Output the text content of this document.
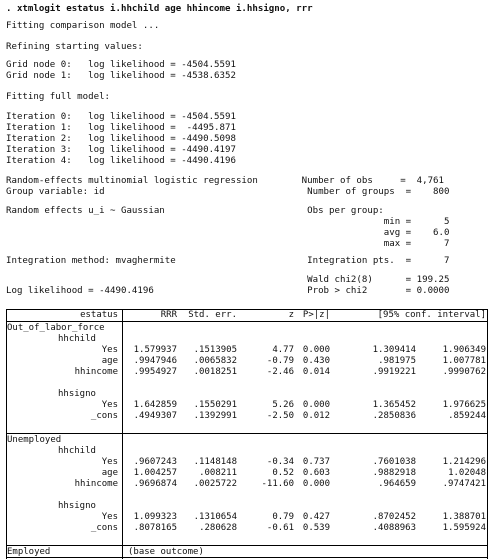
. xtmlogit estatus i.hhchild age hhincome i.hhsigno, rrr
Fitting comparison model ...
Refining starting values:
Grid node 0:   log likelihood = -4504.5591
Grid node 1:   log likelihood = -4538.6352
Fitting full model:
Iteration 0:   log likelihood = -4504.5591
Iteration 1:   log likelihood =  -4495.871
Iteration 2:   log likelihood = -4490.5098
Iteration 3:   log likelihood = -4490.4197
Iteration 4:   log likelihood = -4490.4196
Random-effects multinomial logistic regression        Number of obs     =  4,761
Group variable: id                                     Number of groups  =    800
Random effects u_i ~ Gaussian                          Obs per group:
min =      5
avg =    6.0
max =      7
Integration method: mvaghermite                        Integration pts.  =      7
Wald chi2(8)      = 199.25
Log likelihood = -4490.4196                            Prob > chi2       = 0.0000
estatus	RRR Std. err.	z P>|z|	[95% conf. interval]
Out_of_labor_force
hhchild
Yes 1.579937 .1513905	4.77 0.000	1.309414	1.906349
age .9947946 .0065832	-0.79 0.430	.981975	1.007781
hhincome .9954927 .0018251	-2.46 0.014	.9919221	.9990762
hhsigno
Yes 1.642859 .1550291	5.26 0.000	1.365452	1.976625
_cons .4949307 .1392991	-2.50 0.012	.2850836	.859244
Unemployed
hhchild
Yes .9607243 .1148148	-0.34 0.737	.7601038	1.214296
age 1.004257 .008211	0.52 0.603	.9882918	1.02048
hhincome .9696874 .0025722	-11.60 0.000	.964659	.9747421
hhsigno
Yes 1.099323 .1310654	0.79 0.427	.8702452	1.388701
_cons .8078165 .280628	-0.61 0.539	.4088963	1.595924
Employed	(base outcome)
